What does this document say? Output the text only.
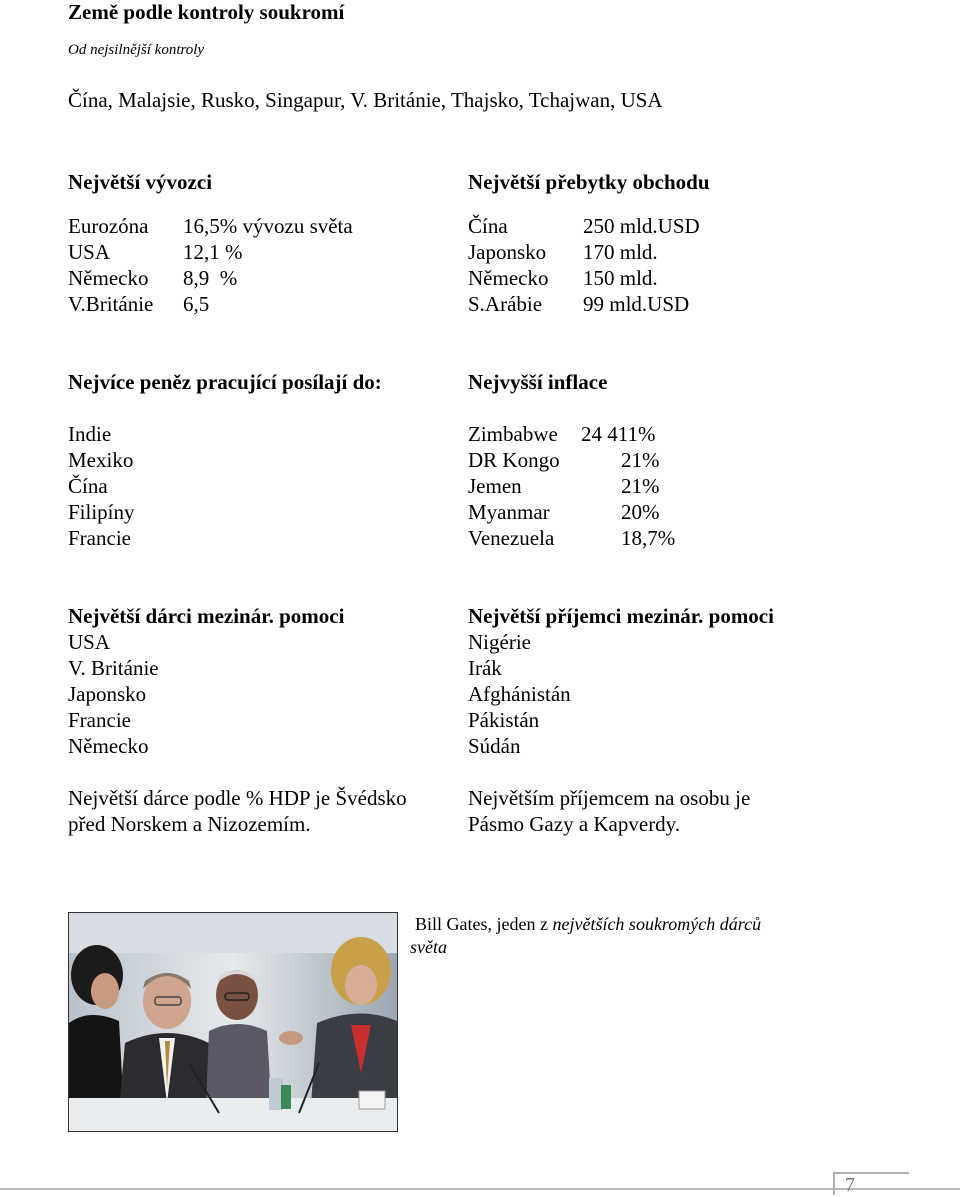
Země podle kontroly soukromí
Od nejsilnější kontroly
Čína, Malajsie, Rusko, Singapur, V. Británie, Thajsko, Tchajwan, USA
Největší vývozci
Eurozóna 16,5% vývozu světa
USA	12,1 %
Německo 8,9  %
V.Británie 6,5
Největší přebytky obchodu
Čína	250 mld.USD
Japonsko 170 mld.
Německo 150 mld.
S.Arábie 99 mld.USD
Nejvíce peněz pracující posílají do:
Indie
Mexiko
Čína
Filipíny
Francie
Nejvyšší inflace
Zimbabwe 24 411%
DR Kongo	21%
Jemen	21%
Myanmar	20%
Venezuela	18,7%
Největší dárci mezinár. pomoci
USA
V. Británie
Japonsko
Francie
Německo
Největší dárce podle % HDP je Švédsko
před Norskem a Nizozemím.
Největší příjemci mezinár. pomoci
Nigérie
Irák
Afghánistán
Pákistán
Súdán
Největším příjemcem na osobu je
Pásmo Gazy a Kapverdy.
Bill Gates, jeden z největších soukromých dárců
světa
7
